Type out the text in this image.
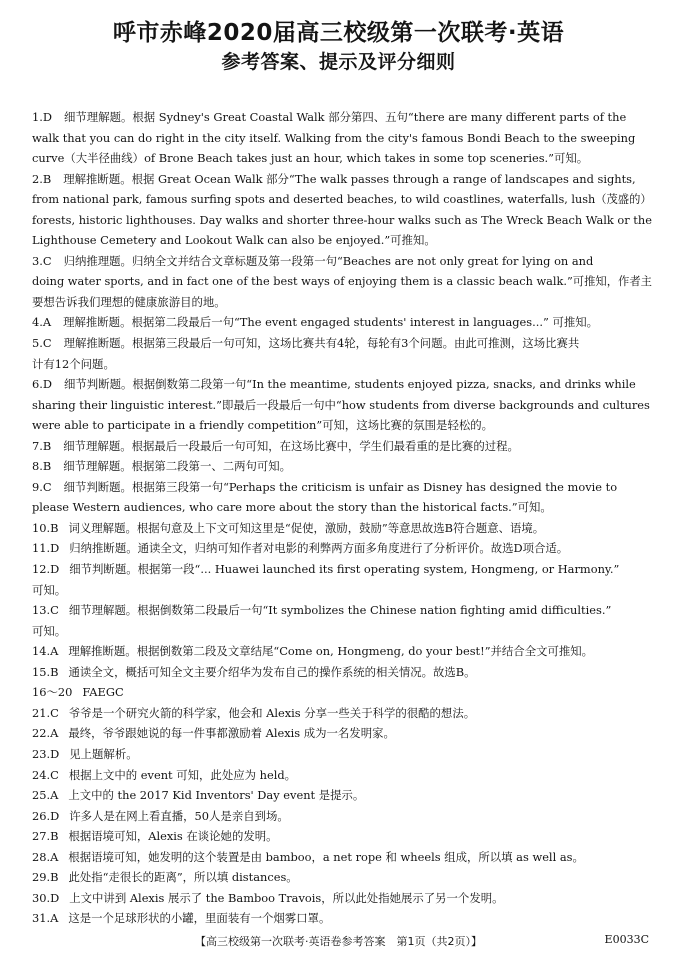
呼市赤峰2020届高三校级第一次联考·英语
参考答案、提示及评分细则
1.D 细节理解题。根据 Sydney's Great Coastal Walk 部分第四、五句“there are many different parts of the
walk that you can do right in the city itself. Walking from the city's famous Bondi Beach to the sweeping
curve（大半径曲线）of Brone Beach takes just an hour, which takes in some top sceneries.”可知。
2.B 理解推断题。根据 Great Ocean Walk 部分“The walk passes through a range of landscapes and sights,
from national park, famous surfing spots and deserted beaches, to wild coastlines, waterfalls, lush（茂盛的）
forests, historic lighthouses. Day walks and shorter three-hour walks such as The Wreck Beach Walk or the
Lighthouse Cemetery and Lookout Walk can also be enjoyed.”可推知。
3.C 归纳推理题。归纳全文并结合文章标题及第一段第一句“Beaches are not only great for lying on and
doing water sports, and in fact one of the best ways of enjoying them is a classic beach walk.”可推知，作者主
要想告诉我们理想的健康旅游目的地。
4.A 理解推断题。根据第二段最后一句“The event engaged students' interest in languages...” 可推知。
5.C 理解推断题。根据第三段最后一句可知，这场比赛共有4轮，每轮有3个问题。由此可推测，这场比赛共
计有12个问题。
6.D 细节判断题。根据倒数第二段第一句“In the meantime, students enjoyed pizza, snacks, and drinks while
sharing their linguistic interest.”即最后一段最后一句中“how students from diverse backgrounds and cultures
were able to participate in a friendly competition”可知，这场比赛的氛围是轻松的。
7.B 细节理解题。根据最后一段最后一句可知，在这场比赛中，学生们最看重的是比赛的过程。
8.B 细节理解题。根据第二段第一、二两句可知。
9.C 细节判断题。根据第三段第一句“Perhaps the criticism is unfair as Disney has designed the movie to
please Western audiences, who care more about the story than the historical facts.”可知。
10.B 词义理解题。根据句意及上下文可知这里是“促使，激励，鼓励”等意思故选B符合题意、语境。
11.D 归纳推断题。通读全文，归纳可知作者对电影的利弊两方面多角度进行了分析评价。故选D项合适。
12.D 细节判断题。根据第一段“... Huawei launched its first operating system, Hongmeng, or Harmony.”
可知。
13.C 细节理解题。根据倒数第二段最后一句“It symbolizes the Chinese nation fighting amid difficulties.”
可知。
14.A 理解推断题。根据倒数第二段及文章结尾“Come on, Hongmeng, do your best!”并结合全文可推知。
15.B 通读全文，概括可知全文主要介绍华为发布自己的操作系统的相关情况。故选B。
16～20 FAEGC
21.C 爷爷是一个研究火箭的科学家，他会和 Alexis 分享一些关于科学的很酷的想法。
22.A 最终，爷爷跟她说的每一件事都激励着 Alexis 成为一名发明家。
23.D 见上题解析。
24.C 根据上文中的 event 可知，此处应为 held。
25.A 上文中的 the 2017 Kid Inventors' Day event 是提示。
26.D 许多人是在网上看直播，50人是亲自到场。
27.B 根据语境可知，Alexis 在谈论她的发明。
28.A 根据语境可知，她发明的这个装置是由 bamboo，a net rope 和 wheels 组成，所以填 as well as。
29.B 此处指“走很长的距离”，所以填 distances。
30.D 上文中讲到 Alexis 展示了 the Bamboo Travois，所以此处指她展示了另一个发明。
31.A 这是一个足球形状的小罐，里面装有一个烟雾口罩。
【高三校级第一次联考·英语卷参考答案　第1页（共2页）】	E0033C
